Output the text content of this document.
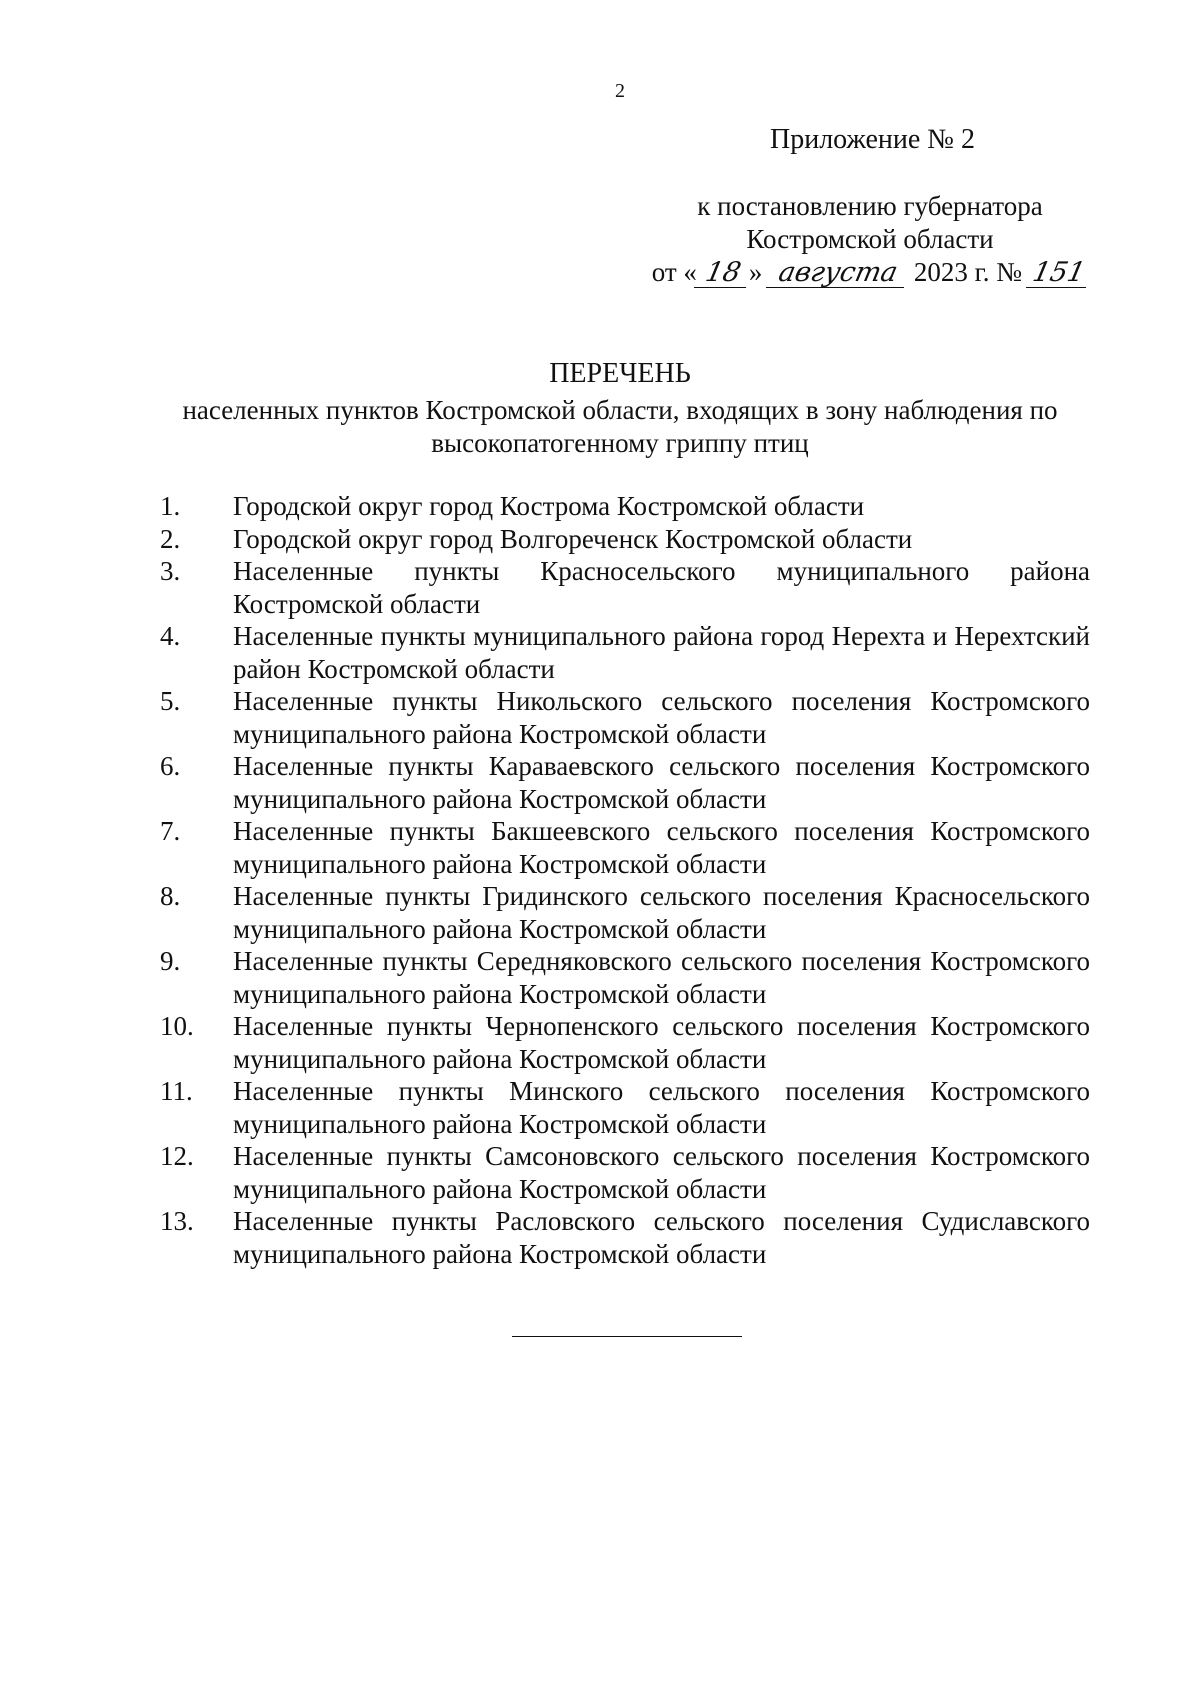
2
Приложение № 2
к постановлению губернатора
Костромской области
от « 18 » августа 2023 г. № 151
ПЕРЕЧЕНЬ
населенных пунктов Костромской области, входящих в зону наблюдения по высокопатогенному гриппу птиц
1.	Городской округ город Кострома Костромской области
2.	Городской округ город Волгореченск Костромской области
3.	Населенные пункты Красносельского муниципального района Костромской области
4.	Населенные пункты муниципального района город Нерехта и Нерехтский район Костромской области
5.	Населенные пункты Никольского сельского поселения Костромского муниципального района Костромской области
6.	Населенные пункты Караваевского сельского поселения Костромского муниципального района Костромской области
7.	Населенные пункты Бакшеевского сельского поселения Костромского муниципального района Костромской области
8.	Населенные пункты Гридинского сельского поселения Красносельского муниципального района Костромской области
9.	Населенные пункты Середняковского сельского поселения Костромского муниципального района Костромской области
10.	Населенные пункты Чернопенского сельского поселения Костромского муниципального района Костромской области
11.	Населенные пункты Минского сельского поселения Костромского муниципального района Костромской области
12.	Населенные пункты Самсоновского сельского поселения Костромского муниципального района Костромской области
13.	Населенные пункты Расловского сельского поселения Судиславского муниципального района Костромской области
